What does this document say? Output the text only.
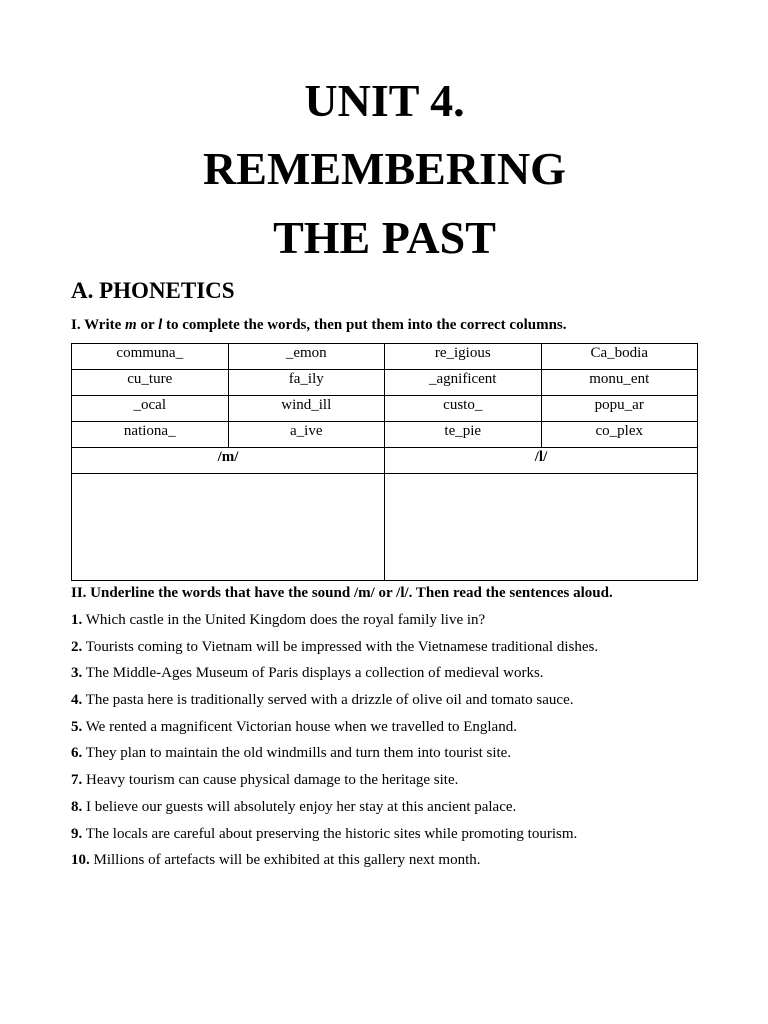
UNIT 4.
REMEMBERING
THE PAST
A. PHONETICS

I. Write m or l to complete the words, then put them into the correct columns.

communa_	_emon	re_igious	Ca_bodia
cu_ture	fa_ily	_agnificent	monu_ent
_ocal	wind_ill	custo_	popu_ar
nationa_	a_ive	te_pie	co_plex
/m/		/l/	

II. Underline the words that have the sound /m/ or /l/. Then read the sentences aloud.

1. Which castle in the United Kingdom does the royal family live in?
2. Tourists coming to Vietnam will be impressed with the Vietnamese traditional dishes.
3. The Middle-Ages Museum of Paris displays a collection of medieval works.
4. The pasta here is traditionally served with a drizzle of olive oil and tomato sauce.
5. We rented a magnificent Victorian house when we travelled to England.
6. They plan to maintain the old windmills and turn them into tourist site.
7. Heavy tourism can cause physical damage to the heritage site.
8. I believe our guests will absolutely enjoy her stay at this ancient palace.
9. The locals are careful about preserving the historic sites while promoting tourism.
10. Millions of artefacts will be exhibited at this gallery next month.
